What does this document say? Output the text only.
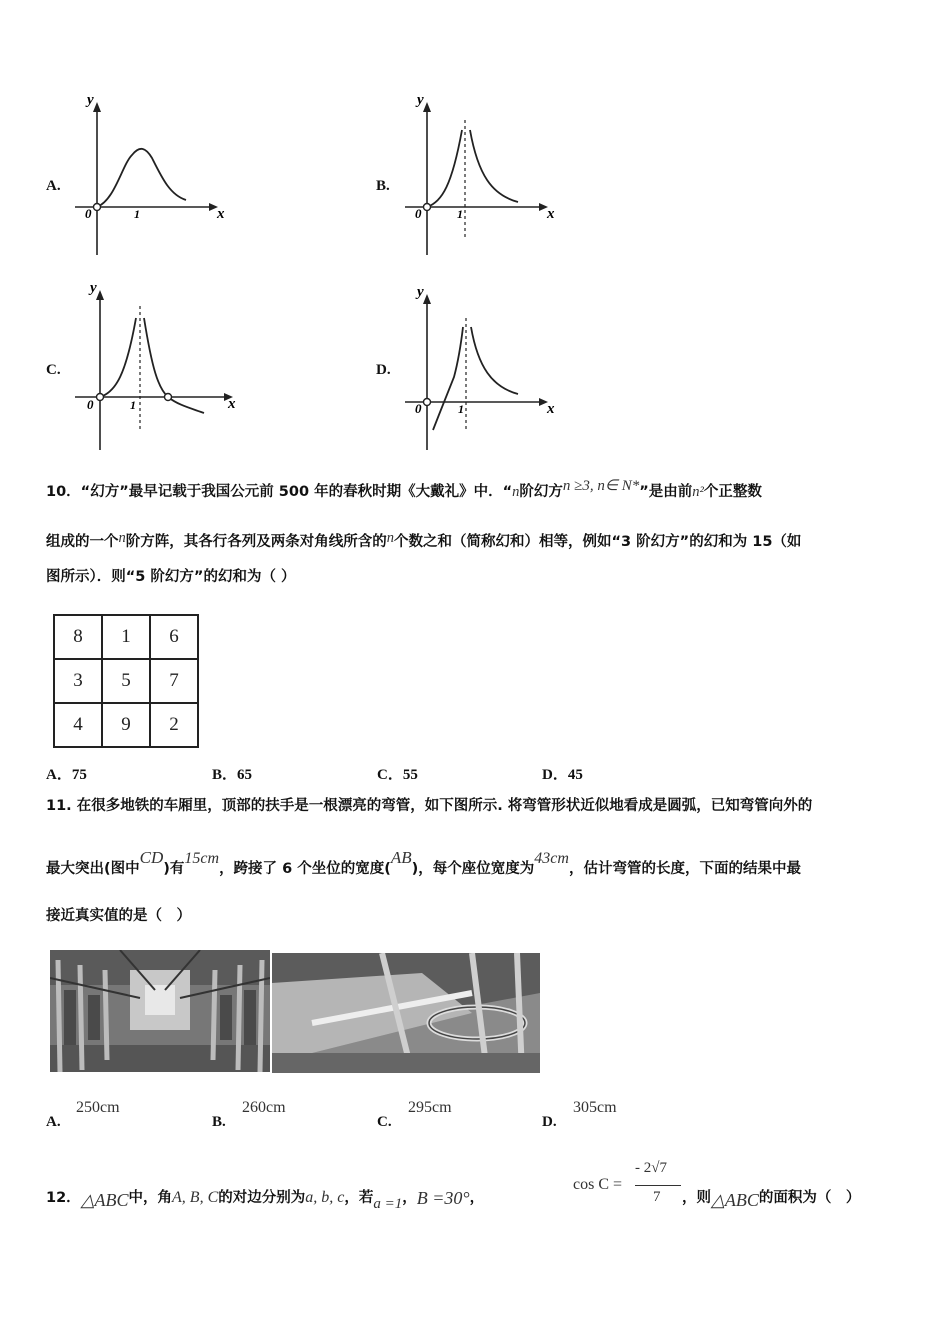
A.
y
x
0	1
B.
y
x
0	1
C.
y
x
0	1
D.
y
x
0	1
10．“幻方”最早记载于我国公元前 500 年的春秋时期《大戴礼》中．“n阶幻方n ≥3, n∈ N*”是由前n²个正整数
组成的一个n阶方阵，其各行各列及两条对角线所含的n个数之和（简称幻和）相等，例如“3 阶幻方”的幻和为 15（如
图所示）．则“5 阶幻方”的幻和为（ ）
8	1	6
3	5	7
4	9	2
A．75	B．65	C．55	D．45
11. 在很多地铁的车厢里，顶部的扶手是一根漂亮的弯管，如下图所示. 将弯管形状近似地看成是圆弧，已知弯管向外的
最大突出(图中CD)有15cm，跨接了 6 个坐位的宽度(AB)，每个座位宽度为43cm，估计弯管的长度，下面的结果中最
接近真实值的是（　）
A.
250cm
B.
260cm
C.
295cm
D.
305cm
12．△ABC中，角A, B, C的对边分别为a, b, c，若a =1，B =30°，
cos C =
- 2√7
7 ，则△ABC的面积为（　）
